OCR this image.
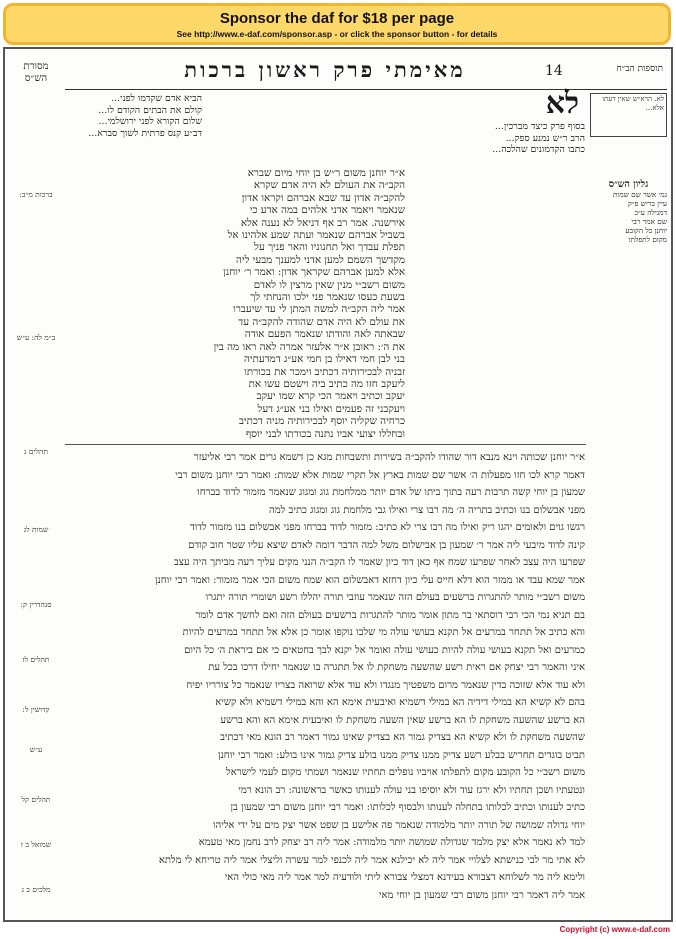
Sponsor the daf for $18 per page
See http://www.e-daf.com/sponsor.asp - or click the sponsor button - for details
מסורת הש״ס	מאימתי פרק ראשון ברכות	14	תוספות הב״ח
ברכות מ״ב:
ב״מ לה: ע״ש
תהלים ג
שמות לג
סנהדרין ק:
תהלים לז
קדושין ל:
ע״ש
תהלים קל
שמואל ב ז
מלכים ב ג
לא. הרא״ש שאין דעתו אלא...
גליון הש״ס
גמ׳ אשר שם שמות
עיין בריש פ״ק
דמגילה ע״ב
שם אמר רבי
יוחנן כל הקובע
מקום לתפלתו
לא
בסוף פרק כיצד מברכין...
הרב ר״ש נמנע ספק...
כתבו הקדמונים שהלכה...
הביא אדם שקדמו לפני...
קולם את הבתים הקודם לו...
שלום הקורא לפני ירושלמי...
דב״ע קנס פרתית לשוך סברא...
א״ר יוחנן משום ר״ש בן יוחי מיום שברא
הקב״ה את העולם לא היה אדם שקרא
להקב״ה אדון עד שבא אברהם וקראו אדון
שנאמר ויאמר אדני אלהים במה אדע כי
אירשנה. אמר רב אף דניאל לא נענה אלא
בשביל אברהם שנאמר ועתה שמע אלהינו אל
תפלת עבדך ואל תחנוניו והאר פניך על
מקדשך השמם למען אדני למענך מבעי ליה
אלא למען אברהם שקראך אדון: ואמר ר׳ יוחנן
משום רשב״י מנין שאין מרצין לו לאדם
בשעת כעסו שנאמר פני ילכו והנחתי לך
אמר ליה הקב״ה למשה המתן לי עד שיעברו
את עולם לא היה אדם שהודה להקב״ה עד
שבאתה לאה והודתו שנאמר הפעם אודה
את ה׳: ראובן א״ר אלעזר אמרה לאה ראו מה בין
בני לבן חמי דאילו בן חמי אע״ג דמדעתיה
זבניה לבכירותיה דכתיב וימכר את בכורתו
ליעקב חזו מה כתיב ביה וישטם עשו את
יעקב וכתיב ויאמר הכי קרא שמו יעקב
ויעקבני זה פעמים ואילו בני אע״ג דעל
כרחיה שקליה יוסף לבכירותיה מניה דכתיב
ובחללו יצועי אביו נתנה בכורתו לבני יוסף
א״ר יוחנן שכותה וינא מנבא דור שהודו להקב״ה בשירות ותשבחות מגא כן דשמא גרים אמר רבי אליעזר
דאמר קרא לכו חזו מפעלות ה׳ אשר שם שמות בארץ אל תקרי שמות אלא שמות: ואמר רבי יוחנן משום רבי
שמעון בן יוחי קשה תרבות רעה בתוך ביתו של אדם יותר ממלחמת גוג ומגוג שנאמר מזמור לדוד בברחו
מפני אבשלום בנו וכתיב בתריה ה׳ מה רבו צרי ואילו גבי מלחמת גוג ומגוג כתיב למה
רגשו גוים ולאומים יהגו ריק ואילו מה רבו צרי לא כתיב: מזמור לדוד בברחו מפני אבשלום בנו מזמור לדוד
קינה לדוד מיבעי ליה אמר ר׳ שמעון בן אבישלום משל למה הדבר דומה לאדם שיצא עליו שטר חוב קודם
שפרעו היה עצב לאחר שפרעו שמח אף כאן דוד כיון שאמר לו הקב״ה הנני מקים עליך רעה מביתך היה עצב
אמר שמא עבד או ממזר הוא דלא חייס עלי כיון דחזא דאבשלום הוא שמח משום הכי אמר מזמור: ואמר רבי יוחנן
משום רשב״י מותר להתגרות ברשעים בעולם הזה שנאמר עוזבי תורה יהללו רשע ושומרי תורה יתגרו
בם תניא נמי הכי רבי דוסתאי בר מתון אומר מותר להתגרות ברשעים בעולם הזה ואם לחשך אדם לומר
והא כתיב אל תתחר במרעים אל תקנא בעושי עולה מי שלבו נוקפו אומר כן אלא אל תתחר במרעים להיות
כמרעים ואל תקנא בעושי עולה להיות כעושי עולה ואומר אל יקנא לבך בחטאים כי אם ביראת ה׳ כל היום
איני והאמר רבי יצחק אם ראית רשע שהשעה משחקת לו אל תתגרה בו שנאמר יחילו דרכו בכל עת
ולא עוד אלא שזוכה בדין שנאמר מרום משפטיך מנגדו ולא עוד אלא שרואה בצריו שנאמר כל צורריו יפיח
בהם לא קשיא הא במילי דידיה הא במילי דשמיא ואיבעית אימא הא והא במילי דשמיא ולא קשיא
הא ברשע שהשעה משחקת לו הא ברשע שאין השעה משחקת לו ואיבעית אימא הא והא ברשע
שהשעה משחקת לו ולא קשיא הא בצדיק גמור הא בצדיק שאינו גמור דאמר רב הונא מאי דכתיב
תביט בוגדים תחריש בבלע רשע צדיק ממנו צדיק ממנו בולע צדיק גמור אינו בולע: ואמר רבי יוחנן
משום רשב״י כל הקובע מקום לתפלתו אויביו נופלים תחתיו שנאמר ושמתי מקום לעמי לישראל
ונטעתיו ושכן תחתיו ולא ירגז עוד ולא יוסיפו בני עולה לענותו כאשר בראשונה: רב הונא רמי
כתיב לענותו וכתיב לכלותו בתחלה לענותו ולבסוף לכלותו: ואמר רבי יוחנן משום רבי שמעון בן
יוחי גדולה שמושה של תורה יותר מלמודה שנאמר פה אלישע בן שפט אשר יצק מים על ידי אליהו
למד לא נאמר אלא יצק מלמד שגדולה שמושה יותר מלמודה: אמר ליה רב יצחק לרב נחמן מאי טעמא
לא אתי מר לבי כנישתא לצלויי אמר ליה לא יכילנא אמר ליה לכנפי למר עשרה וליצלי אמר ליה טריחא לי מלתא
ולימא ליה מר לשלוחא דצבורא בעידנא דמצלי צבורא ליתי ולודעיה למר אמר ליה מאי כולי האי
אמר ליה דאמר רבי יוחנן משום רבי שמעון בן יוחי מאי
Copyright (c) www.e-daf.com
